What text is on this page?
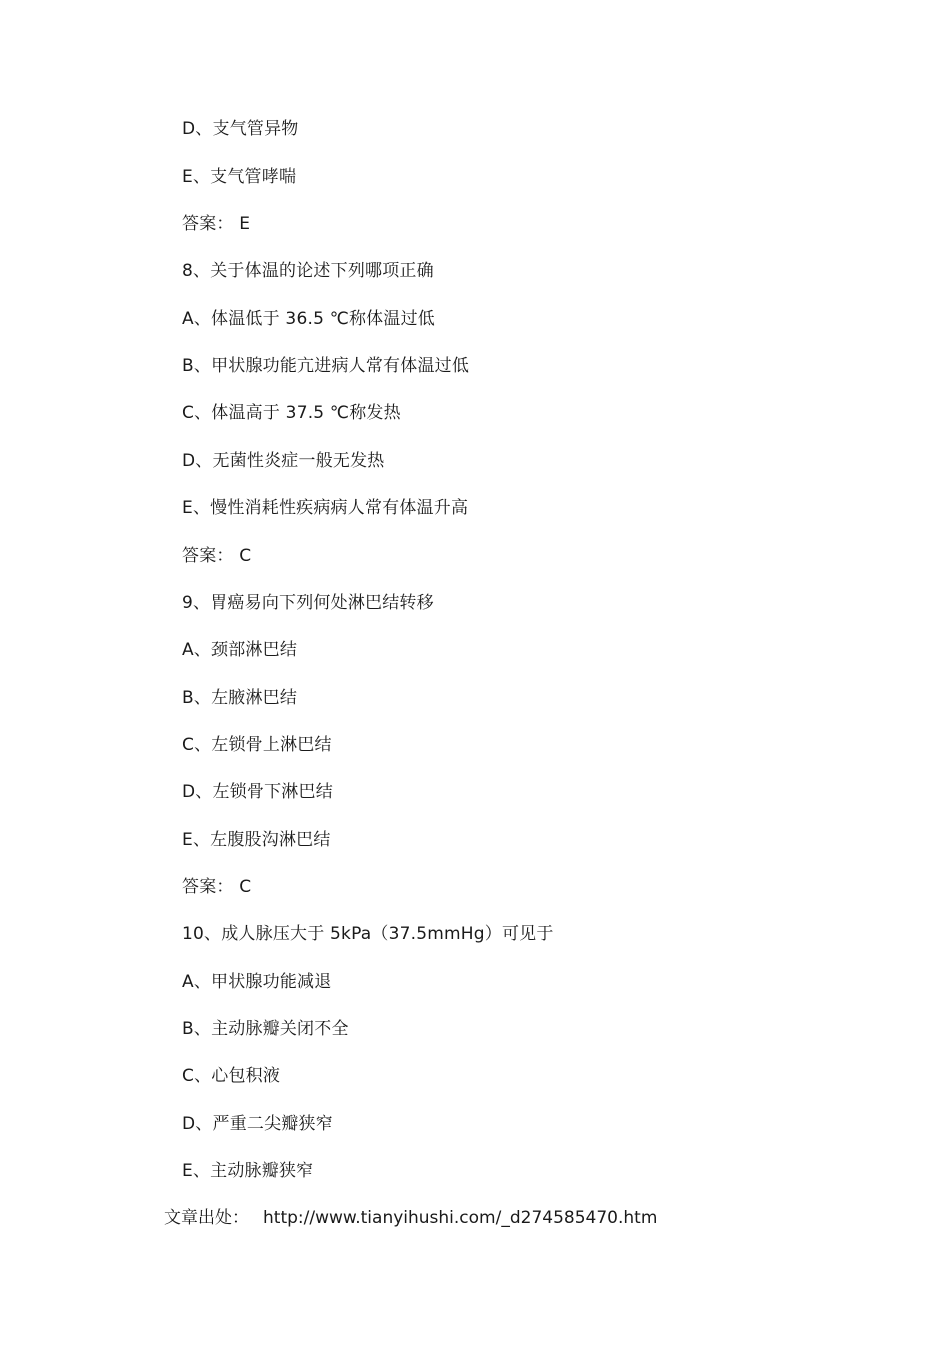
D、支气管异物
E、支气管哮喘
答案： E
8、关于体温的论述下列哪项正确
A、体温低于 36.5 ℃称体温过低
B、甲状腺功能亢进病人常有体温过低
C、体温高于 37.5 ℃称发热
D、无菌性炎症一般无发热
E、慢性消耗性疾病病人常有体温升高
答案： C
9、胃癌易向下列何处淋巴结转移
A、颈部淋巴结
B、左腋淋巴结
C、左锁骨上淋巴结
D、左锁骨下淋巴结
E、左腹股沟淋巴结
答案： C
10、成人脉压大于 5kPa（37.5mmHg）可见于
A、甲状腺功能减退
B、主动脉瓣关闭不全
C、心包积液
D、严重二尖瓣狭窄
E、主动脉瓣狭窄
文章出处： http://www.tianyihushi.com/_d274585470.htm
